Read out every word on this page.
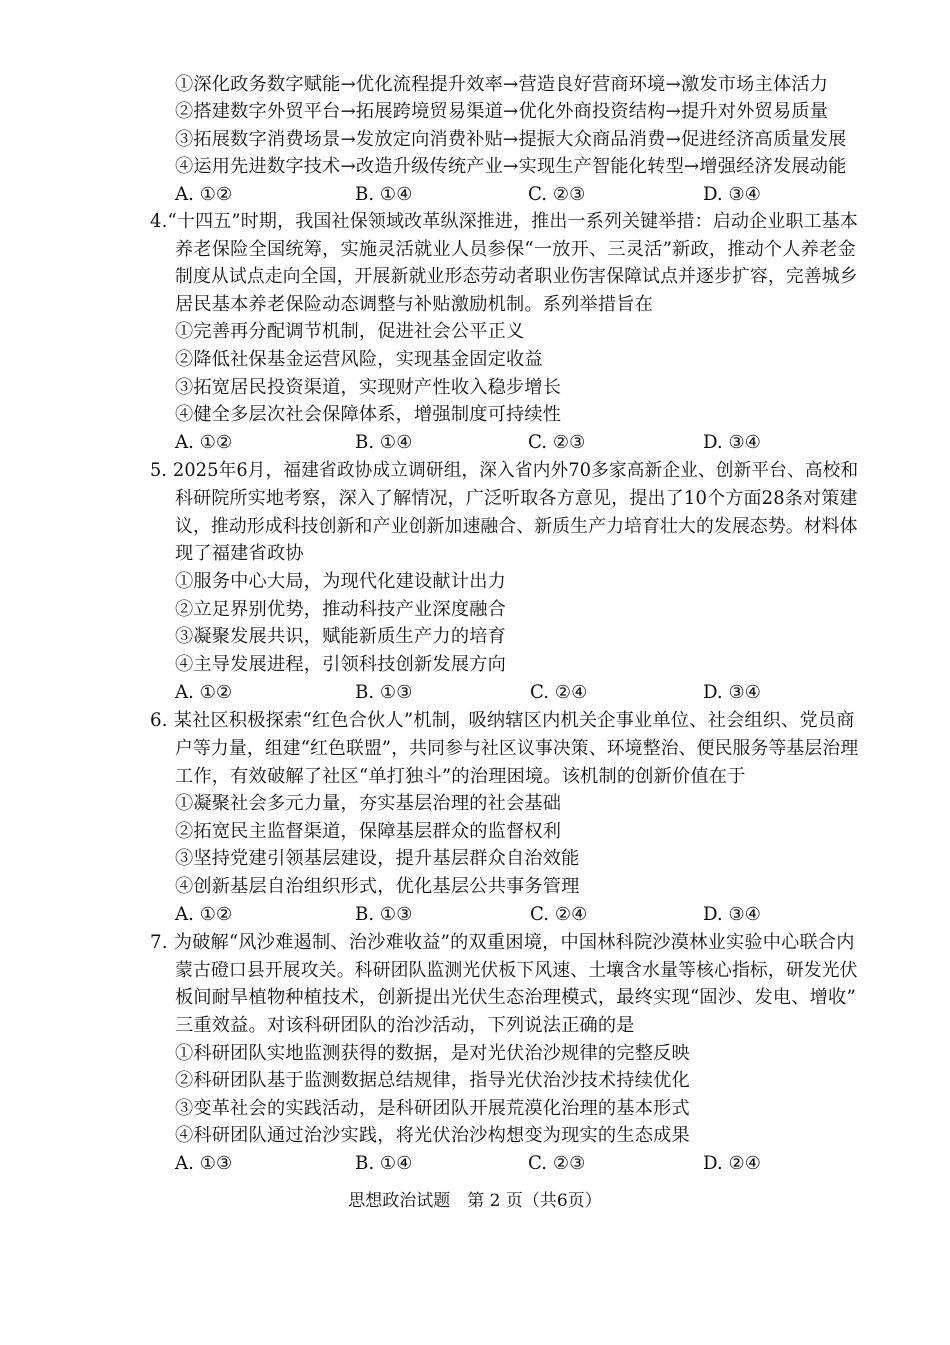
①深化政务数字赋能→优化流程提升效率→营造良好营商环境→激发市场主体活力
②搭建数字外贸平台→拓展跨境贸易渠道→优化外商投资结构→提升对外贸易质量
③拓展数字消费场景→发放定向消费补贴→提振大众商品消费→促进经济高质量发展
④运用先进数字技术→改造升级传统产业→实现生产智能化转型→增强经济发展动能
A. ①②	B. ①④	C. ②③	D. ③④
4.“十四五”时期，我国社保领域改革纵深推进，推出一系列关键举措：启动企业职工基本
养老保险全国统筹，实施灵活就业人员参保“一放开、三灵活”新政，推动个人养老金
制度从试点走向全国，开展新就业形态劳动者职业伤害保障试点并逐步扩容，完善城乡
居民基本养老保险动态调整与补贴激励机制。系列举措旨在
①完善再分配调节机制，促进社会公平正义
②降低社保基金运营风险，实现基金固定收益
③拓宽居民投资渠道，实现财产性收入稳步增长
④健全多层次社会保障体系，增强制度可持续性
A. ①②	B. ①④	C. ②③	D. ③④
5. 2025年6月，福建省政协成立调研组，深入省内外70多家高新企业、创新平台、高校和
科研院所实地考察，深入了解情况，广泛听取各方意见，提出了10个方面28条对策建
议，推动形成科技创新和产业创新加速融合、新质生产力培育壮大的发展态势。材料体
现了福建省政协
①服务中心大局，为现代化建设献计出力
②立足界别优势，推动科技产业深度融合
③凝聚发展共识，赋能新质生产力的培育
④主导发展进程，引领科技创新发展方向
A. ①②	B. ①③	C. ②④	D. ③④
6. 某社区积极探索“红色合伙人”机制，吸纳辖区内机关企事业单位、社会组织、党员商
户等力量，组建“红色联盟”，共同参与社区议事决策、环境整治、便民服务等基层治理
工作，有效破解了社区“单打独斗”的治理困境。该机制的创新价值在于
①凝聚社会多元力量，夯实基层治理的社会基础
②拓宽民主监督渠道，保障基层群众的监督权利
③坚持党建引领基层建设，提升基层群众自治效能
④创新基层自治组织形式，优化基层公共事务管理
A. ①②	B. ①③	C. ②④	D. ③④
7. 为破解“风沙难遏制、治沙难收益”的双重困境，中国林科院沙漠林业实验中心联合内
蒙古磴口县开展攻关。科研团队监测光伏板下风速、土壤含水量等核心指标，研发光伏
板间耐旱植物种植技术，创新提出光伏生态治理模式，最终实现“固沙、发电、增收”
三重效益。对该科研团队的治沙活动，下列说法正确的是
①科研团队实地监测获得的数据，是对光伏治沙规律的完整反映
②科研团队基于监测数据总结规律，指导光伏治沙技术持续优化
③变革社会的实践活动，是科研团队开展荒漠化治理的基本形式
④科研团队通过治沙实践，将光伏治沙构想变为现实的生态成果
A. ①③	B. ①④	C. ②③	D. ②④
思想政治试题　第 2 页（共6页）
